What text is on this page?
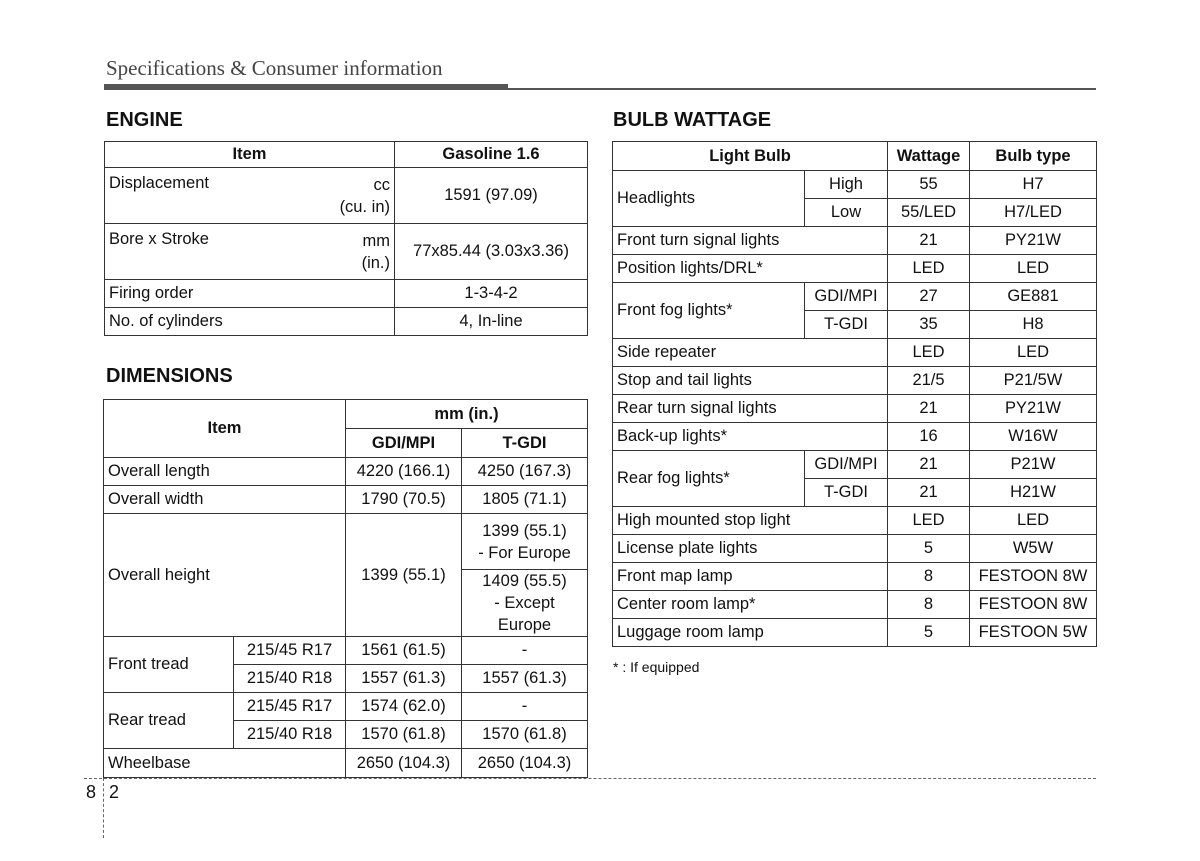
Specifications & Consumer information
ENGINE
Item	Gasoline 1.6

Displacement cc
(cu. in)	1591 (97.09)

Bore x Stroke mm
(in.)	77x85.44 (3.03x3.36)
Firing order	1-3-4-2
No. of cylinders	4, In-line
DIMENSIONS
Item		mm (in.)	
		GDI/MPI	T-GDI
Overall length		4220 (166.1)	4250 (167.3)
Overall width		1790 (70.5)	1805 (71.1)
Overall height		1399 (55.1)	1399 (55.1)
- For Europe

			1409 (55.5)
- Except Europe

Front tread	215/45 R17	1561 (61.5)	-
	215/40 R18	1557 (61.3)	1557 (61.3)
Rear tread	215/45 R17	1574 (62.0)	-
	215/40 R18	1570 (61.8)	1570 (61.8)
Wheelbase		2650 (104.3)	2650 (104.3)
BULB WATTAGE
Light Bulb		Wattage	Bulb type
Headlights	High	55	H7
	Low	55/LED	H7/LED
Front turn signal lights		21	PY21W
Position lights/DRL*		LED	LED
Front fog lights*	GDI/MPI	27	GE881
	T-GDI	35	H8
Side repeater		LED	LED
Stop and tail lights		21/5	P21/5W
Rear turn signal lights		21	PY21W
Back-up lights*		16	W16W
Rear fog lights*	GDI/MPI	21	P21W
	T-GDI	21	H21W
High mounted stop light		LED	LED
License plate lights		5	W5W
Front map lamp		8	FESTOON 8W
Center room lamp*		8	FESTOON 8W
Luggage room lamp		5	FESTOON 5W
* : If equipped
8 2
